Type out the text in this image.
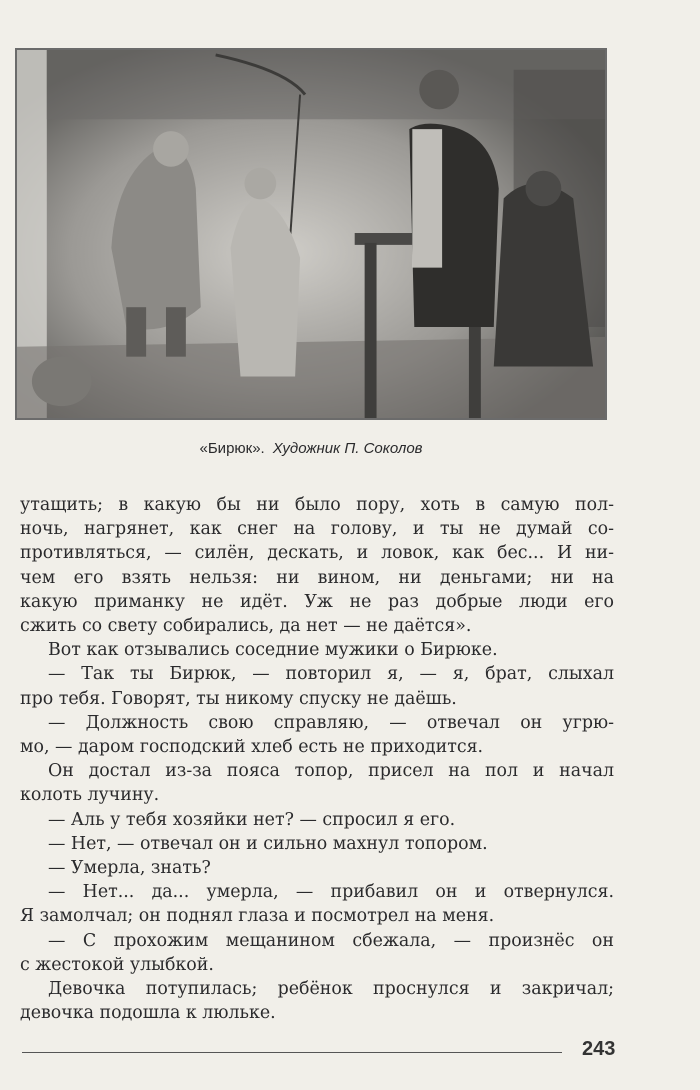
«Бирюк». Художник П. Соколов
утащить; в какую бы ни было пору, хоть в самую пол-
ночь, нагрянет, как снег на голову, и ты не думай со-
противляться, — силён, дескать, и ловок, как бес... И ни-
чем его взять нельзя: ни вином, ни деньгами; ни на
какую приманку не идёт. Уж не раз добрые люди его
сжить со свету собирались, да нет — не даётся».
Вот как отзывались соседние мужики о Бирюке.
— Так ты Бирюк, — повторил я, — я, брат, слыхал
про тебя. Говорят, ты никому спуску не даёшь.
— Должность свою справляю, — отвечал он угрю-
мо, — даром господский хлеб есть не приходится.
Он достал из-за пояса топор, присел на пол и начал
колоть лучину.
— Аль у тебя хозяйки нет? — спросил я его.
— Нет, — отвечал он и сильно махнул топором.
— Умерла, знать?
— Нет... да... умерла, — прибавил он и отвернулся.
Я замолчал; он поднял глаза и посмотрел на меня.
— С прохожим мещанином сбежала, — произнёс он
с жестокой улыбкой.
Девочка потупилась; ребёнок проснулся и закричал;
девочка подошла к люльке.
243
